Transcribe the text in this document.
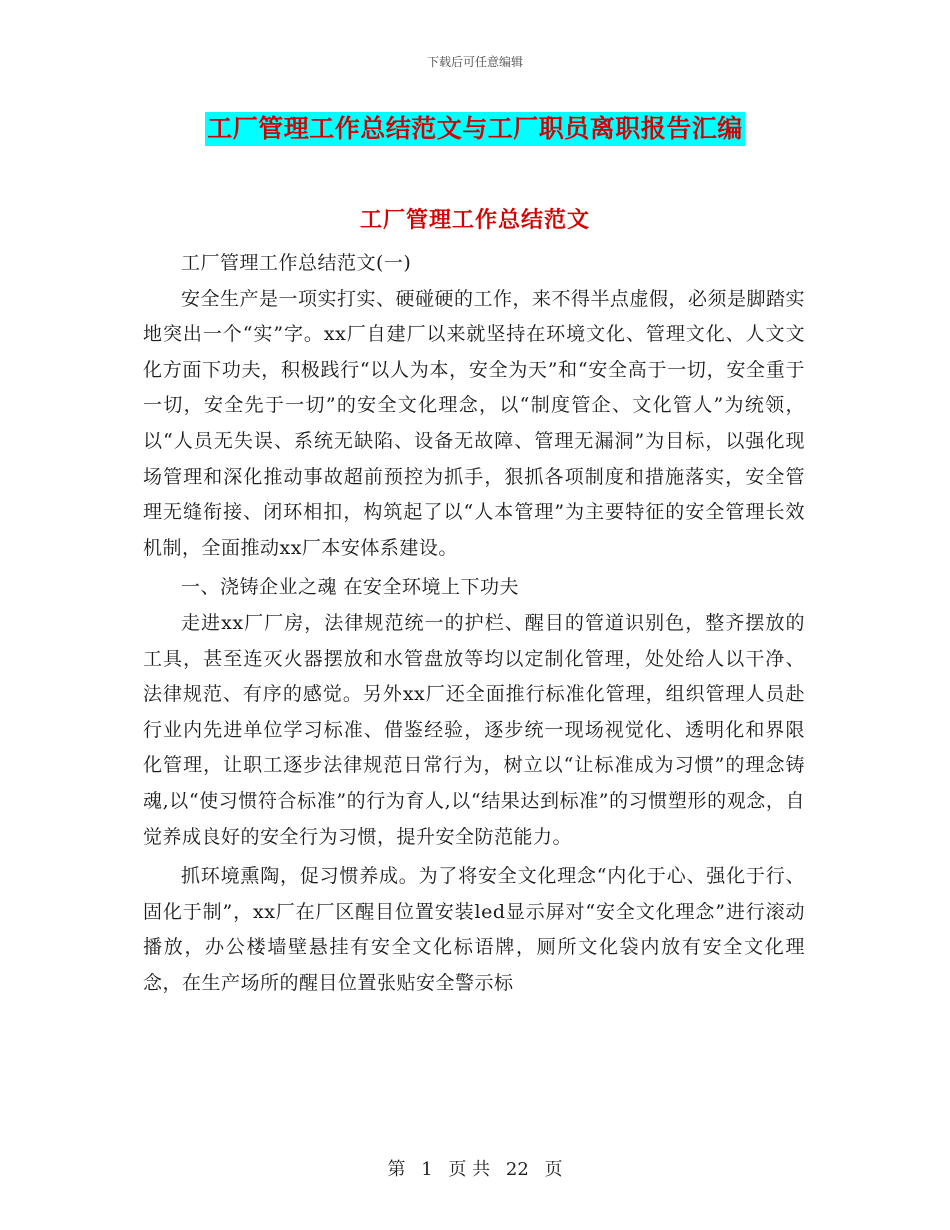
下载后可任意编辑
工厂管理工作总结范文与工厂职员离职报告汇编
工厂管理工作总结范文

工厂管理工作总结范文(一)

安全生产是一项实打实、硬碰硬的工作，来不得半点虚假，必须是脚踏实地突出一个“实”字。xx厂自建厂以来就坚持在环境文化、管理文化、人文文化方面下功夫，积极践行“以人为本，安全为天”和“安全高于一切，安全重于一切，安全先于一切”的安全文化理念，以“制度管企、文化管人”为统领，以“人员无失误、系统无缺陷、设备无故障、管理无漏洞”为目标，以强化现场管理和深化推动事故超前预控为抓手，狠抓各项制度和措施落实，安全管理无缝衔接、闭环相扣，构筑起了以“人本管理”为主要特征的安全管理长效机制，全面推动xx厂本安体系建设。

一、浇铸企业之魂 在安全环境上下功夫

走进xx厂厂房，法律规范统一的护栏、醒目的管道识别色，整齐摆放的工具，甚至连灭火器摆放和水管盘放等均以定制化管理，处处给人以干净、法律规范、有序的感觉。另外xx厂还全面推行标准化管理，组织管理人员赴行业内先进单位学习标准、借鉴经验，逐步统一现场视觉化、透明化和界限化管理，让职工逐步法律规范日常行为，树立以“让标准成为习惯”的理念铸魂,以“使习惯符合标准”的行为育人,以“结果达到标准”的习惯塑形的观念，自觉养成良好的安全行为习惯，提升安全防范能力。

抓环境熏陶，促习惯养成。为了将安全文化理念“内化于心、强化于行、固化于制”，xx厂在厂区醒目位置安装led显示屏对“安全文化理念”进行滚动播放，办公楼墙壁悬挂有安全文化标语牌，厕所文化袋内放有安全文化理念，在生产场所的醒目位置张贴安全警示标

第 1 页 共 22 页
